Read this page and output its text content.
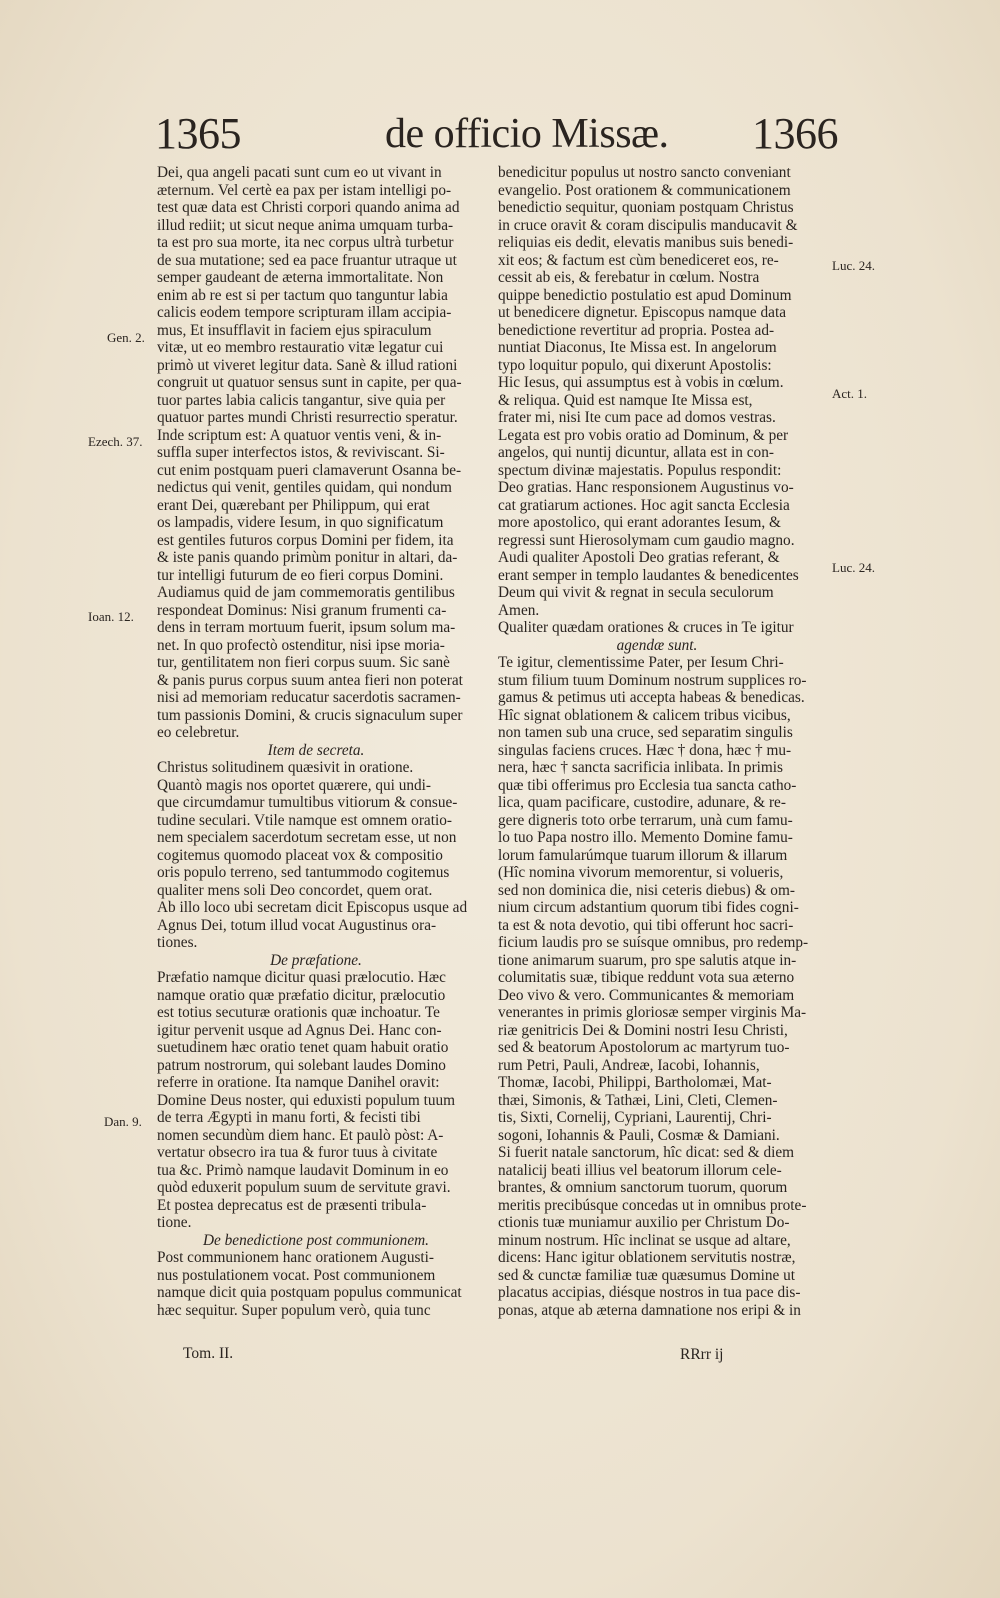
1365	de officio Missæ. 1366
Gen. 2.
Ezech. 37.
Ioan. 12.
Dan. 9.
Luc. 24.
Act. 1.
Luc. 24.
Dei, qua angeli pacati sunt cum eo ut vivant in
æternum. Vel certè ea pax per istam intelligi po-
test quæ data est Christi corpori quando anima ad
illud rediit; ut sicut neque anima umquam turba-
ta est pro sua morte, ita nec corpus ultrà turbetur
de sua mutatione; sed ea pace fruantur utraque ut
semper gaudeant de æterna immortalitate. Non
enim ab re est si per tactum quo tanguntur labia
calicis eodem tempore scripturam illam accipia-
mus, Et insufflavit in faciem ejus spiraculum
vitæ, ut eo membro restauratio vitæ legatur cui
primò ut viveret legitur data. Sanè & illud rationi
congruit ut quatuor sensus sunt in capite, per qua-
tuor partes labia calicis tangantur, sive quia per
quatuor partes mundi Christi resurrectio speratur.
Inde scriptum est: A quatuor ventis veni, & in-
suffla super interfectos istos, & reviviscant. Si-
cut enim postquam pueri clamaverunt Osanna be-
nedictus qui venit, gentiles quidam, qui nondum
erant Dei, quærebant per Philippum, qui erat
os lampadis, videre Iesum, in quo significatum
est gentiles futuros corpus Domini per fidem, ita
& iste panis quando primùm ponitur in altari, da-
tur intelligi futurum de eo fieri corpus Domini.
Audiamus quid de jam commemoratis gentilibus
respondeat Dominus: Nisi granum frumenti ca-
dens in terram mortuum fuerit, ipsum solum ma-
net. In quo profectò ostenditur, nisi ipse moria-
tur, gentilitatem non fieri corpus suum. Sic sanè
& panis purus corpus suum antea fieri non poterat
nisi ad memoriam reducatur sacerdotis sacramen-
tum passionis Domini, & crucis signaculum super
eo celebretur.
Item de secreta.
Christus solitudinem quæsivit in oratione.
Quantò magis nos oportet quærere, qui undi-
que circumdamur tumultibus vitiorum & consue-
tudine seculari. Vtile namque est omnem oratio-
nem specialem sacerdotum secretam esse, ut non
cogitemus quomodo placeat vox & compositio
oris populo terreno, sed tantummodo cogitemus
qualiter mens soli Deo concordet, quem orat.
Ab illo loco ubi secretam dicit Episcopus usque ad
Agnus Dei, totum illud vocat Augustinus ora-
tiones.
De præfatione.
Præfatio namque dicitur quasi prælocutio. Hæc
namque oratio quæ præfatio dicitur, prælocutio
est totius secuturæ orationis quæ inchoatur. Te
igitur pervenit usque ad Agnus Dei. Hanc con-
suetudinem hæc oratio tenet quam habuit oratio
patrum nostrorum, qui solebant laudes Domino
referre in oratione. Ita namque Danihel oravit:
Domine Deus noster, qui eduxisti populum tuum
de terra Ægypti in manu forti, & fecisti tibi
nomen secundùm diem hanc. Et paulò pòst: A-
vertatur obsecro ira tua & furor tuus à civitate
tua &c. Primò namque laudavit Dominum in eo
quòd eduxerit populum suum de servitute gravi.
Et postea deprecatus est de præsenti tribula-
tione.
De benedictione post communionem.
Post communionem hanc orationem Augusti-
nus postulationem vocat. Post communionem
namque dicit quia postquam populus communicat
hæc sequitur. Super populum verò, quia tunc
benedicitur populus ut nostro sancto conveniant
evangelio. Post orationem & communicationem
benedictio sequitur, quoniam postquam Christus
in cruce oravit & coram discipulis manducavit &
reliquias eis dedit, elevatis manibus suis benedi-
xit eos; & factum est cùm benediceret eos, re-
cessit ab eis, & ferebatur in cœlum. Nostra
quippe benedictio postulatio est apud Dominum
ut benedicere dignetur. Episcopus namque data
benedictione revertitur ad propria. Postea ad-
nuntiat Diaconus, Ite Missa est. In angelorum
typo loquitur populo, qui dixerunt Apostolis:
Hic Iesus, qui assumptus est à vobis in cœlum.
& reliqua. Quid est namque Ite Missa est,
frater mi, nisi Ite cum pace ad domos vestras.
Legata est pro vobis oratio ad Dominum, & per
angelos, qui nuntij dicuntur, allata est in con-
spectum divinæ majestatis. Populus respondit:
Deo gratias. Hanc responsionem Augustinus vo-
cat gratiarum actiones. Hoc agit sancta Ecclesia
more apostolico, qui erant adorantes Iesum, &
regressi sunt Hierosolymam cum gaudio magno.
Audi qualiter Apostoli Deo gratias referant, &
erant semper in templo laudantes & benedicentes
Deum qui vivit & regnat in secula seculorum
Amen.
Qualiter quædam orationes & cruces in Te igitur
agendæ sunt.
Te igitur, clementissime Pater, per Iesum Chri-
stum filium tuum Dominum nostrum supplices ro-
gamus & petimus uti accepta habeas & benedicas.
Hîc signat oblationem & calicem tribus vicibus,
non tamen sub una cruce, sed separatim singulis
singulas faciens cruces. Hæc † dona, hæc † mu-
nera, hæc † sancta sacrificia inlibata. In primis
quæ tibi offerimus pro Ecclesia tua sancta catho-
lica, quam pacificare, custodire, adunare, & re-
gere digneris toto orbe terrarum, unà cum famu-
lo tuo Papa nostro illo. Memento Domine famu-
lorum famularúmque tuarum illorum & illarum
(Hîc nomina vivorum memorentur, si volueris,
sed non dominica die, nisi ceteris diebus) & om-
nium circum adstantium quorum tibi fides cogni-
ta est & nota devotio, qui tibi offerunt hoc sacri-
ficium laudis pro se suísque omnibus, pro redemp-
tione animarum suarum, pro spe salutis atque in-
columitatis suæ, tibique reddunt vota sua æterno
Deo vivo & vero. Communicantes & memoriam
venerantes in primis gloriosæ semper virginis Ma-
riæ genitricis Dei & Domini nostri Iesu Christi,
sed & beatorum Apostolorum ac martyrum tuo-
rum Petri, Pauli, Andreæ, Iacobi, Iohannis,
Thomæ, Iacobi, Philippi, Bartholomæi, Mat-
thæi, Simonis, & Tathæi, Lini, Cleti, Clemen-
tis, Sixti, Cornelij, Cypriani, Laurentij, Chri-
sogoni, Iohannis & Pauli, Cosmæ & Damiani.
Si fuerit natale sanctorum, hîc dicat: sed & diem
natalicij beati illius vel beatorum illorum cele-
brantes, & omnium sanctorum tuorum, quorum
meritis precibúsque concedas ut in omnibus prote-
ctionis tuæ muniamur auxilio per Christum Do-
minum nostrum. Hîc inclinat se usque ad altare,
dicens: Hanc igitur oblationem servitutis nostræ,
sed & cunctæ familiæ tuæ quæsumus Domine ut
placatus accipias, diésque nostros in tua pace dis-
ponas, atque ab æterna damnatione nos eripi & in
Tom. II.	RRrr ij
